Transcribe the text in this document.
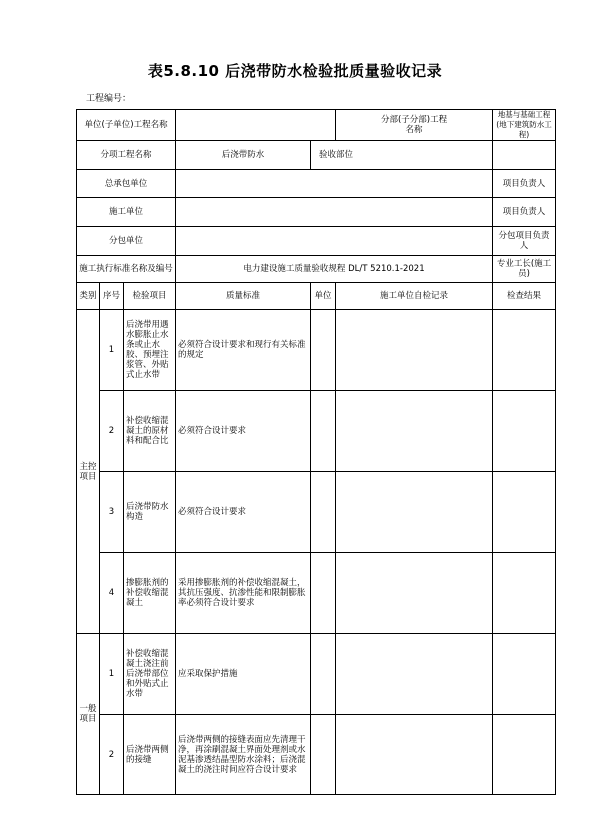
表5.8.10 后浇带防水检验批质量验收记录
工程编号：
单位(子单位)工程名称					分部(子分部)工程名称	地基与基础工程(地下建筑防水工程)
分项工程名称			后浇带防水	验收部位		
总承包单位						项目负责人
施工单位						项目负责人
分包单位						分包项目负责人
施工执行标准名称及编号			电力建设施工质量验收规程 DL/T 5210.1-2021			专业工长(施工员)
类别	序号	检验项目	质量标准	单位	施工单位自检记录	检查结果
主控项目	1	后浇带用遇水膨胀止水条或止水胶、预埋注浆管、外贴式止水带	必须符合设计要求和现行有关标准的规定			
	2	补偿收缩混凝土的原材料和配合比	必须符合设计要求			
	3	后浇带防水构造	必须符合设计要求			
	4	掺膨胀剂的补偿收缩混凝土	采用掺膨胀剂的补偿收缩混凝土，其抗压强度、抗渗性能和限制膨胀率必须符合设计要求			
一般项目	1	补偿收缩混凝土浇注前后浇带部位和外贴式止水带	应采取保护措施			
	2	后浇带两侧的接缝	后浇带两侧的接缝表面应先清理干净，再涂刷混凝土界面处理剂或水泥基渗透结晶型防水涂料；后浇混凝土的浇注时间应符合设计要求			
